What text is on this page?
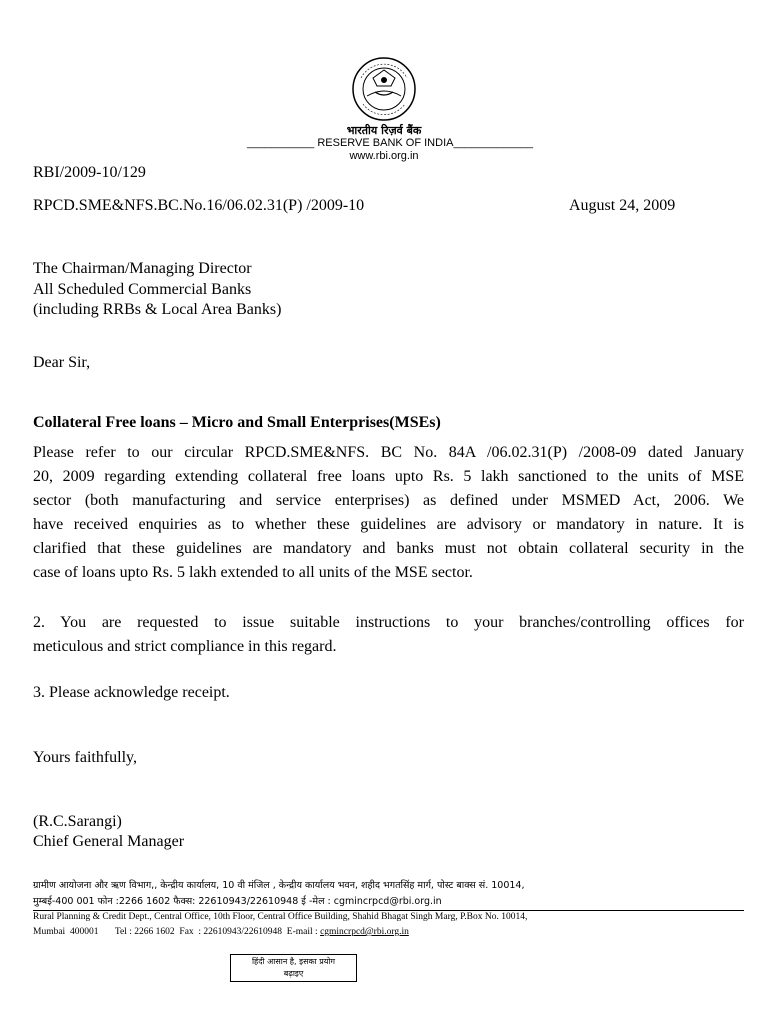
भारतीय रिज़र्व बैंक
___________ RESERVE BANK OF INDIA_____________
www.rbi.org.in
RBI/2009-10/129
RPCD.SME&NFS.BC.No.16/06.02.31(P) /2009-10	August 24, 2009
The Chairman/Managing Director
All Scheduled Commercial Banks
(including RRBs & Local Area Banks)
Dear Sir,
Collateral Free loans – Micro and Small Enterprises(MSEs)
Please refer to our circular RPCD.SME&NFS. BC No. 84A /06.02.31(P) /2008-09 dated January
20, 2009 regarding extending collateral free loans upto Rs. 5 lakh sanctioned to the units of MSE
sector (both manufacturing and service enterprises) as defined under MSMED Act, 2006. We
have received enquiries as to whether these guidelines are advisory or mandatory in nature. It is
clarified that these guidelines are mandatory and banks must not obtain collateral security in the
case of loans upto Rs. 5 lakh extended to all units of the MSE sector.
2. You are requested to issue suitable instructions to your branches/controlling offices for
meticulous and strict compliance in this regard.
3. Please acknowledge receipt.
Yours faithfully,
(R.C.Sarangi)
Chief General Manager
ग्रामीण आयोजना और ऋण विभाग,, केन्द्रीय कार्यालय, 10 वी मंजिल , केन्द्रीय कार्यालय भवन, शहीद भगतसिंह मार्ग, पोस्ट बाक्स सं. 10014,
मुम्बई-400 001 फोन :2266 1602 फैक्स: 22610943/22610948 ई -मेल : cgmincrpcd@rbi.org.in
Rural Planning & Credit Dept., Central Office, 10th Floor, Central Office Building, Shahid Bhagat Singh Marg, P.Box No. 10014,
Mumbai  400001       Tel : 2266 1602  Fax  : 22610943/22610948  E-mail : cgmincrpcd@rbi.org.in
हिंदी आसान है, इसका प्रयोग
बढ़ाइए
